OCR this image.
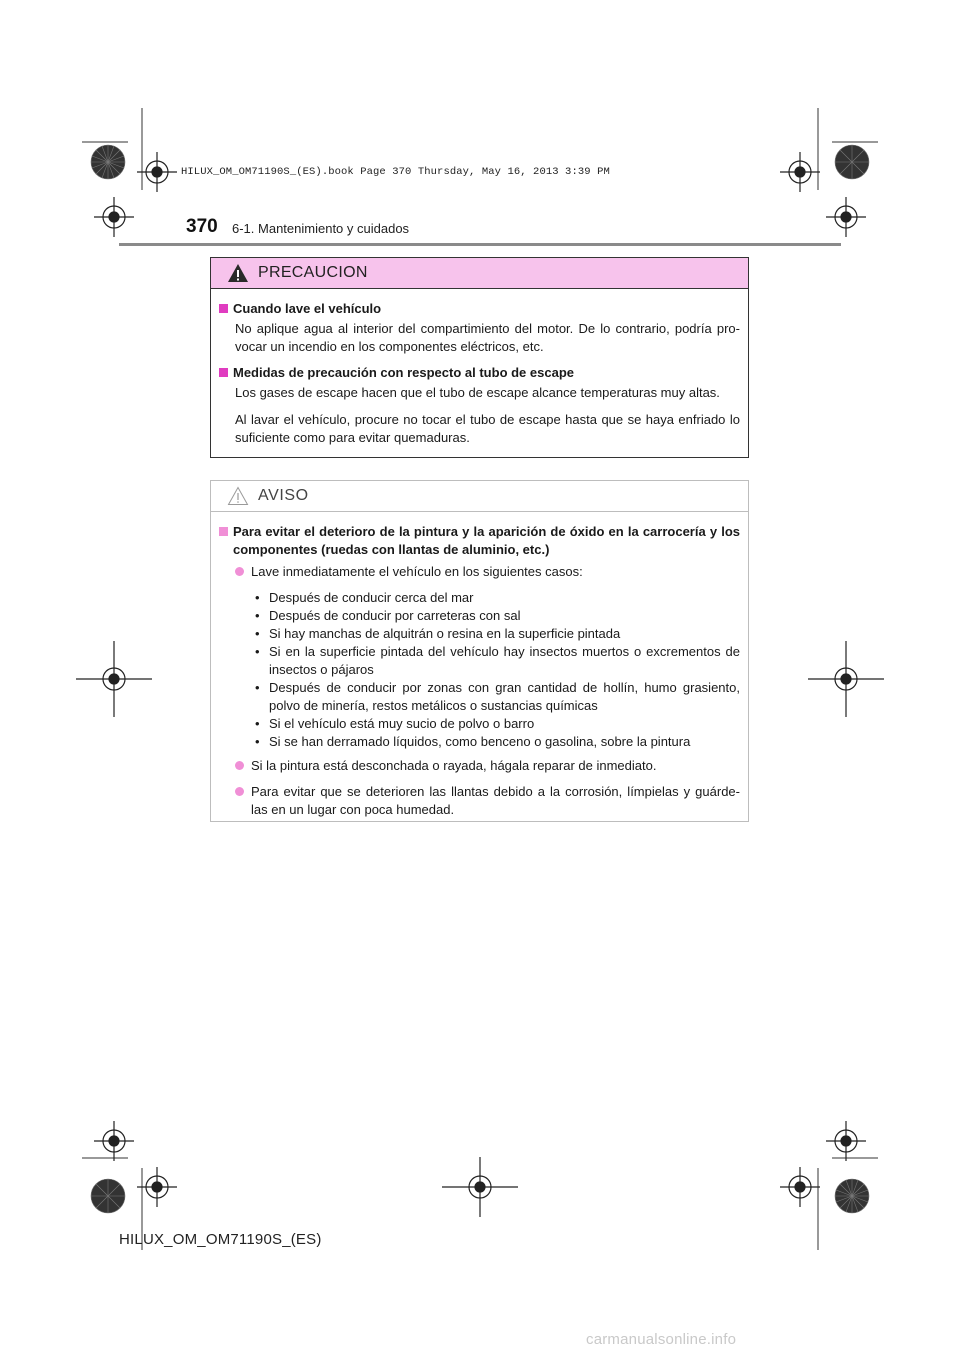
HILUX_OM_OM71190S_(ES).book Page 370 Thursday, May 16, 2013 3:39 PM
370 6-1. Mantenimiento y cuidados
PRECAUCION
Cuando lave el vehículo
No aplique agua al interior del compartimiento del motor. De lo contrario, podría pro- vocar un incendio en los componentes eléctricos, etc.
Medidas de precaución con respecto al tubo de escape
Los gases de escape hacen que el tubo de escape alcance temperaturas muy altas.
Al lavar el vehículo, procure no tocar el tubo de escape hasta que se haya enfriado lo suficiente como para evitar quemaduras.
AVISO
Para evitar el deterioro de la pintura y la aparición de óxido en la carrocería y los componentes (ruedas con llantas de aluminio, etc.)
Lave inmediatamente el vehículo en los siguientes casos:
• Después de conducir cerca del mar
• Después de conducir por carreteras con sal
• Si hay manchas de alquitrán o resina en la superficie pintada
• Si en la superficie pintada del vehículo hay insectos muertos o excrementos de insectos o pájaros
• Después de conducir por zonas con gran cantidad de hollín, humo grasiento, polvo de minería, restos metálicos o sustancias químicas
• Si el vehículo está muy sucio de polvo o barro
• Si se han derramado líquidos, como benceno o gasolina, sobre la pintura
Si la pintura está desconchada o rayada, hágala reparar de inmediato.
Para evitar que se deterioren las llantas debido a la corrosión, límpielas y guárde- las en un lugar con poca humedad.
HILUX_OM_OM71190S_(ES)
carmanualsonline.info
